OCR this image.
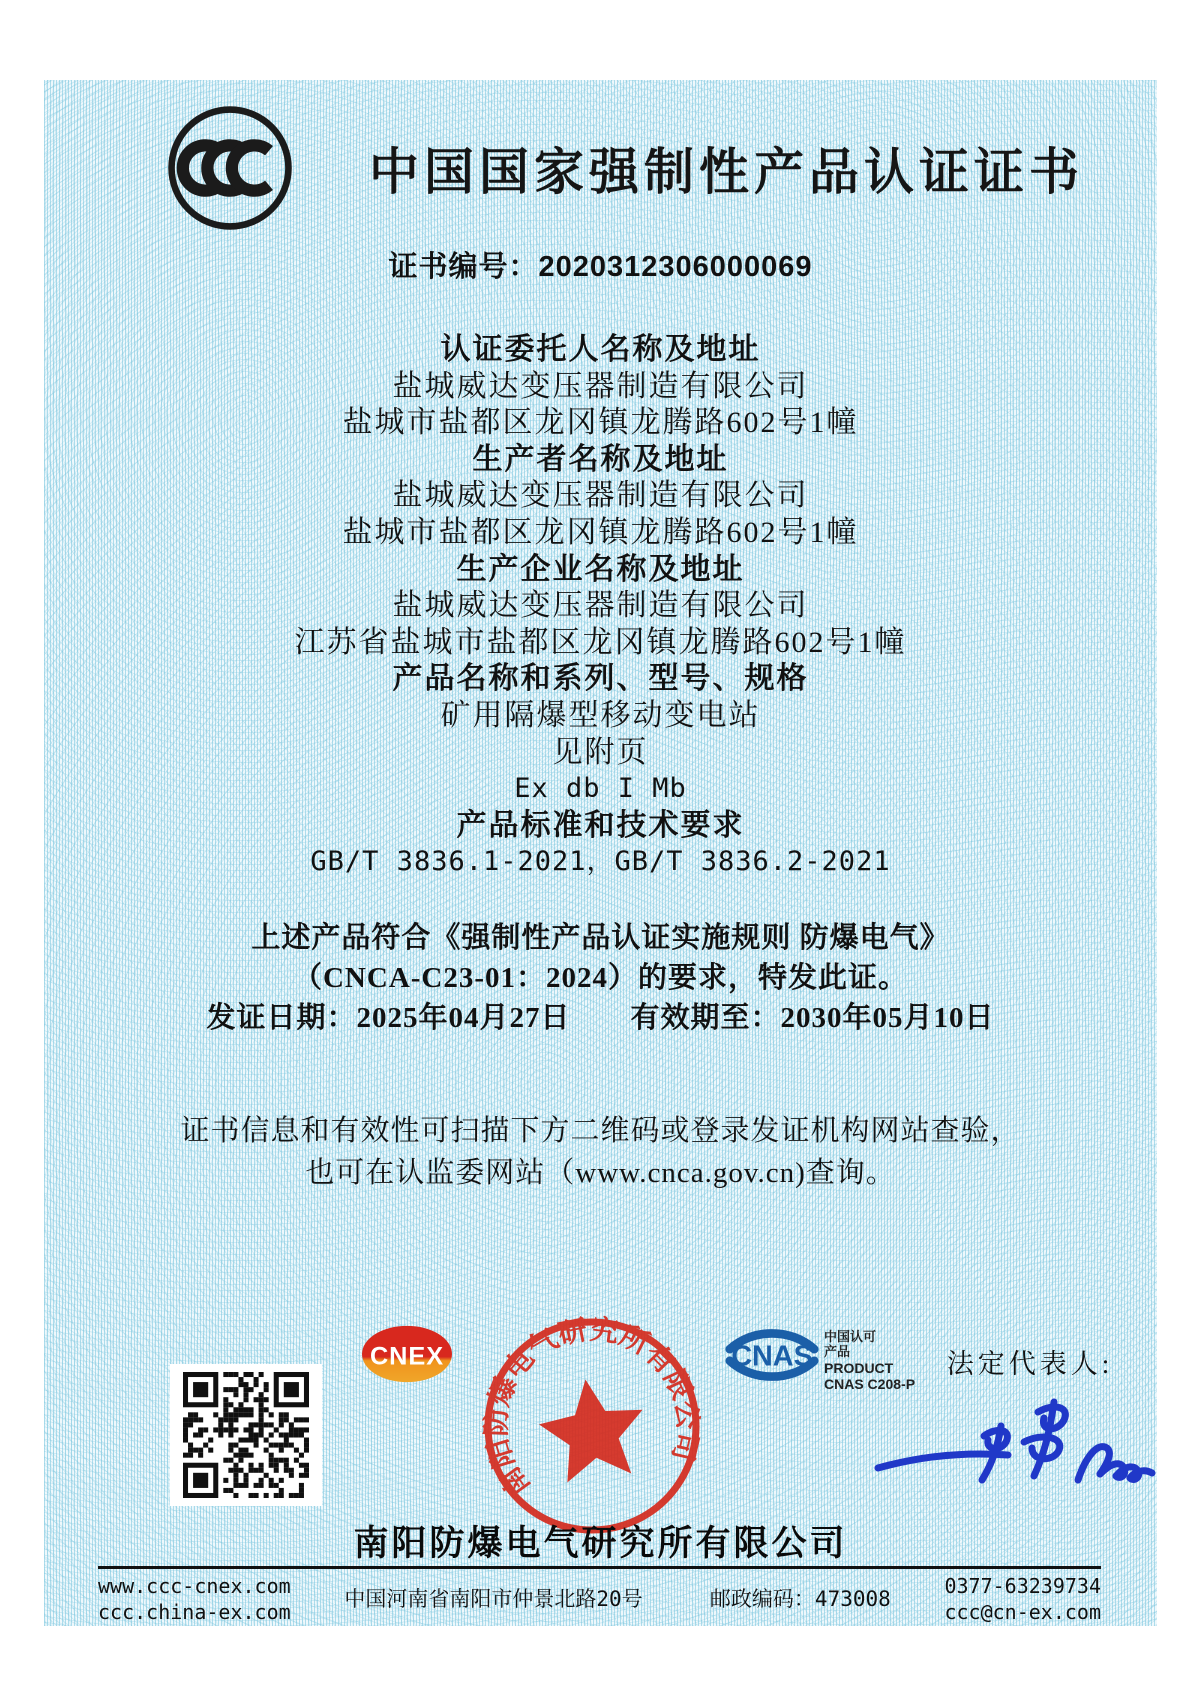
中国国家强制性产品认证证书
证书编号：2020312306000069
认证委托人名称及地址
盐城威达变压器制造有限公司
盐城市盐都区龙冈镇龙腾路602号1幢
生产者名称及地址
盐城威达变压器制造有限公司
盐城市盐都区龙冈镇龙腾路602号1幢
生产企业名称及地址
盐城威达变压器制造有限公司
江苏省盐城市盐都区龙冈镇龙腾路602号1幢
产品名称和系列、型号、规格
矿用隔爆型移动变电站
见附页
Ex db I Mb
产品标准和技术要求
GB/T 3836.1-2021，GB/T 3836.2-2021
上述产品符合《强制性产品认证实施规则 防爆电气》
（CNCA-C23-01：2024）的要求，特发此证。
发证日期：2025年04月27日　　有效期至：2030年05月10日
证书信息和有效性可扫描下方二维码或登录发证机构网站查验，
也可在认监委网站（www.cnca.gov.cn)查询。
CNEX
南阳防爆电气研究所有限公司
CNAS
中国认可
产品
PRODUCT
CNAS C208-P
法定代表人:
南阳防爆电气研究所有限公司
www.ccc-cnex.com
ccc.china-ex.com
中国河南省南阳市仲景北路20号 　　	邮政编码：473008
0377-63239734
ccc@cn-ex.com
